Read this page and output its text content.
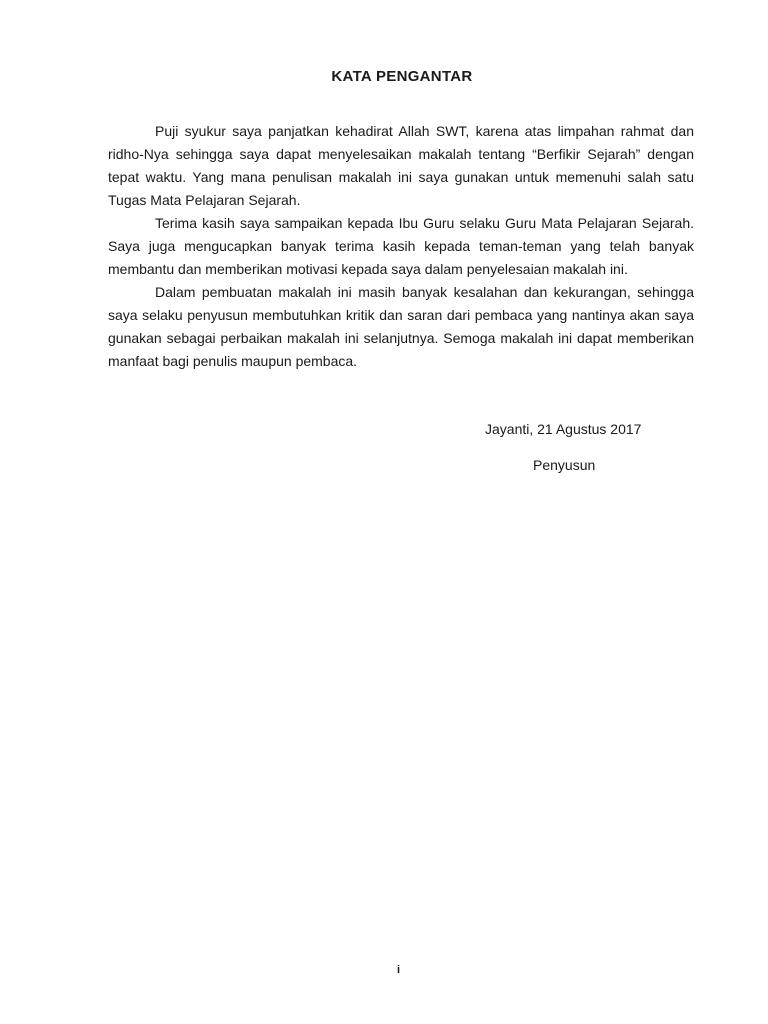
KATA PENGANTAR

Puji syukur saya panjatkan kehadirat Allah SWT, karena atas limpahan rahmat dan ridho-Nya sehingga saya dapat menyelesaikan makalah tentang “Berfikir Sejarah” dengan tepat waktu. Yang mana penulisan makalah ini saya gunakan untuk memenuhi salah satu Tugas Mata Pelajaran Sejarah.

Terima kasih saya sampaikan kepada Ibu Guru selaku Guru Mata Pelajaran Sejarah. Saya juga mengucapkan banyak terima kasih kepada teman-teman yang telah banyak membantu dan memberikan motivasi kepada saya dalam penyelesaian makalah ini.

Dalam pembuatan makalah ini masih banyak kesalahan dan kekurangan, sehingga saya selaku penyusun membutuhkan kritik dan saran dari pembaca yang nantinya akan saya gunakan sebagai perbaikan makalah ini selanjutnya. Semoga makalah ini dapat memberikan manfaat bagi penulis maupun pembaca.

Jayanti, 21 Agustus 2017
Penyusun
i
